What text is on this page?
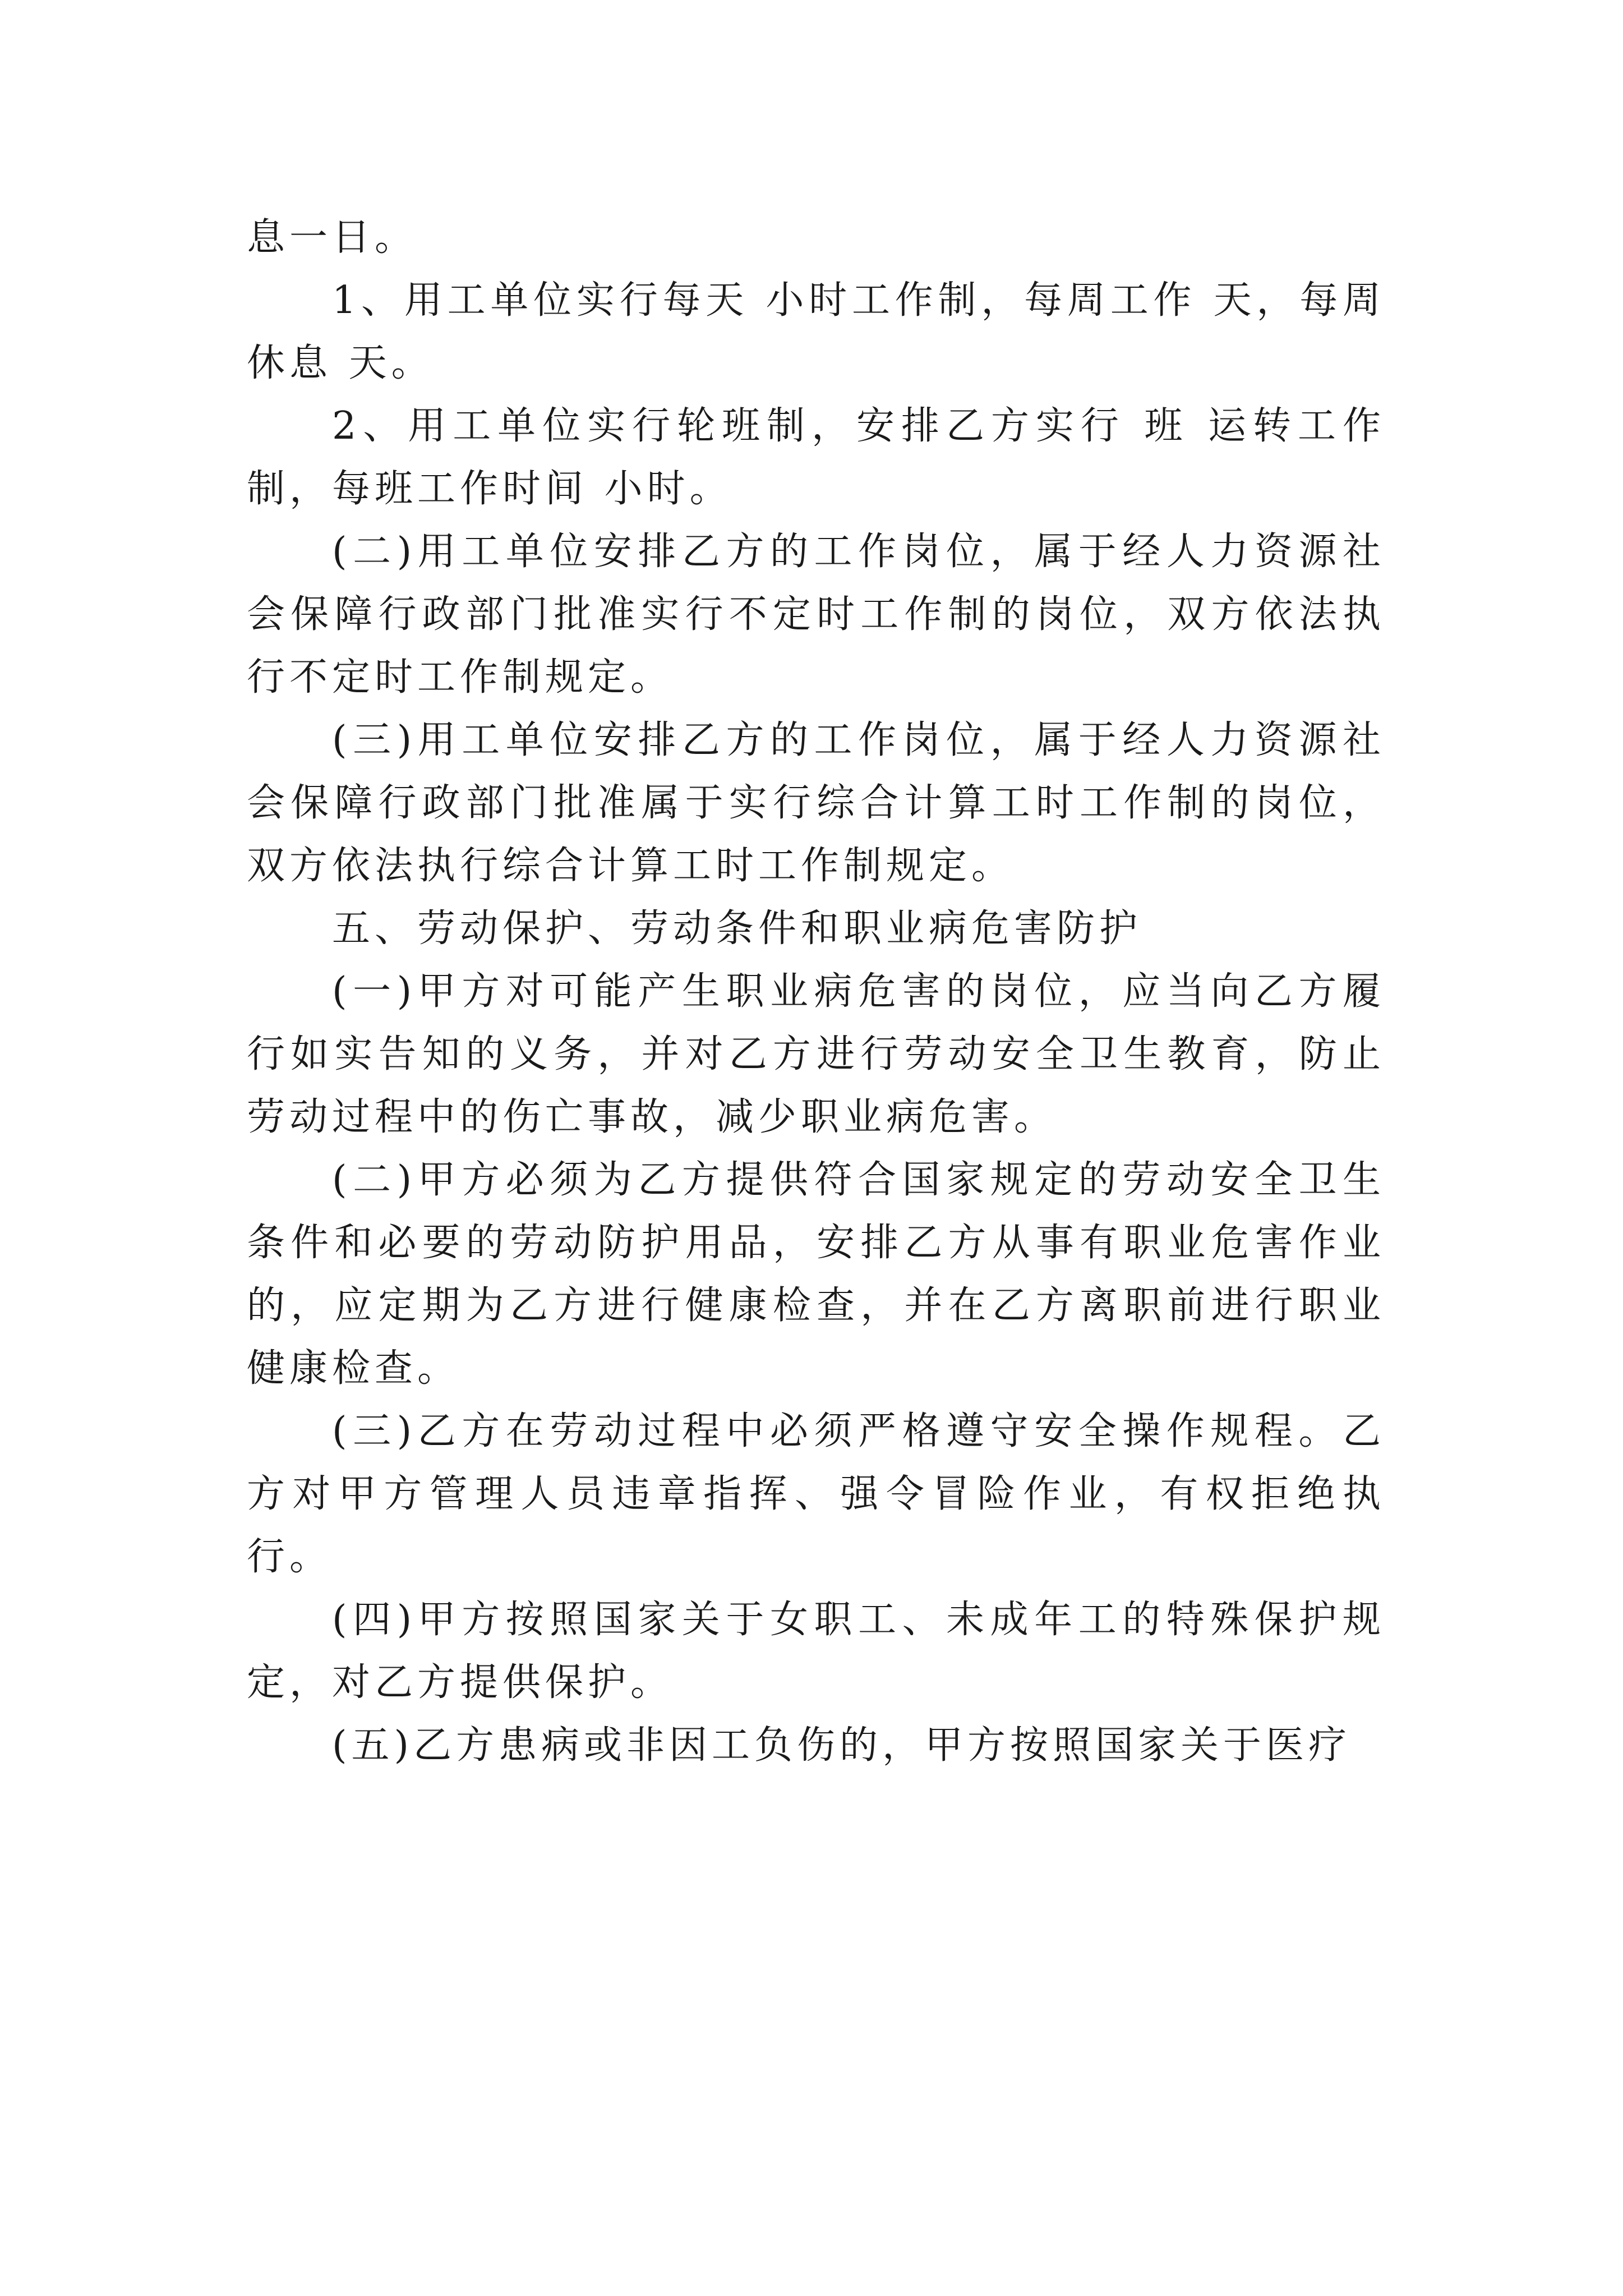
息一日。

1、用工单位实行每天 小时工作制，每周工作 天，每周休息 天。

2、用工单位实行轮班制，安排乙方实行 班 运转工作制，每班工作时间 小时。

(二)用工单位安排乙方的工作岗位，属于经人力资源社会保障行政部门批准实行不定时工作制的岗位，双方依法执行不定时工作制规定。

(三)用工单位安排乙方的工作岗位，属于经人力资源社会保障行政部门批准属于实行综合计算工时工作制的岗位，双方依法执行综合计算工时工作制规定。

五、劳动保护、劳动条件和职业病危害防护

(一)甲方对可能产生职业病危害的岗位，应当向乙方履行如实告知的义务，并对乙方进行劳动安全卫生教育，防止劳动过程中的伤亡事故，减少职业病危害。

(二)甲方必须为乙方提供符合国家规定的劳动安全卫生条件和必要的劳动防护用品，安排乙方从事有职业危害作业的，应定期为乙方进行健康检查，并在乙方离职前进行职业健康检查。

(三)乙方在劳动过程中必须严格遵守安全操作规程。乙方对甲方管理人员违章指挥、强令冒险作业，有权拒绝执行。

(四)甲方按照国家关于女职工、未成年工的特殊保护规定，对乙方提供保护。

(五)乙方患病或非因工负伤的，甲方按照国家关于医疗
